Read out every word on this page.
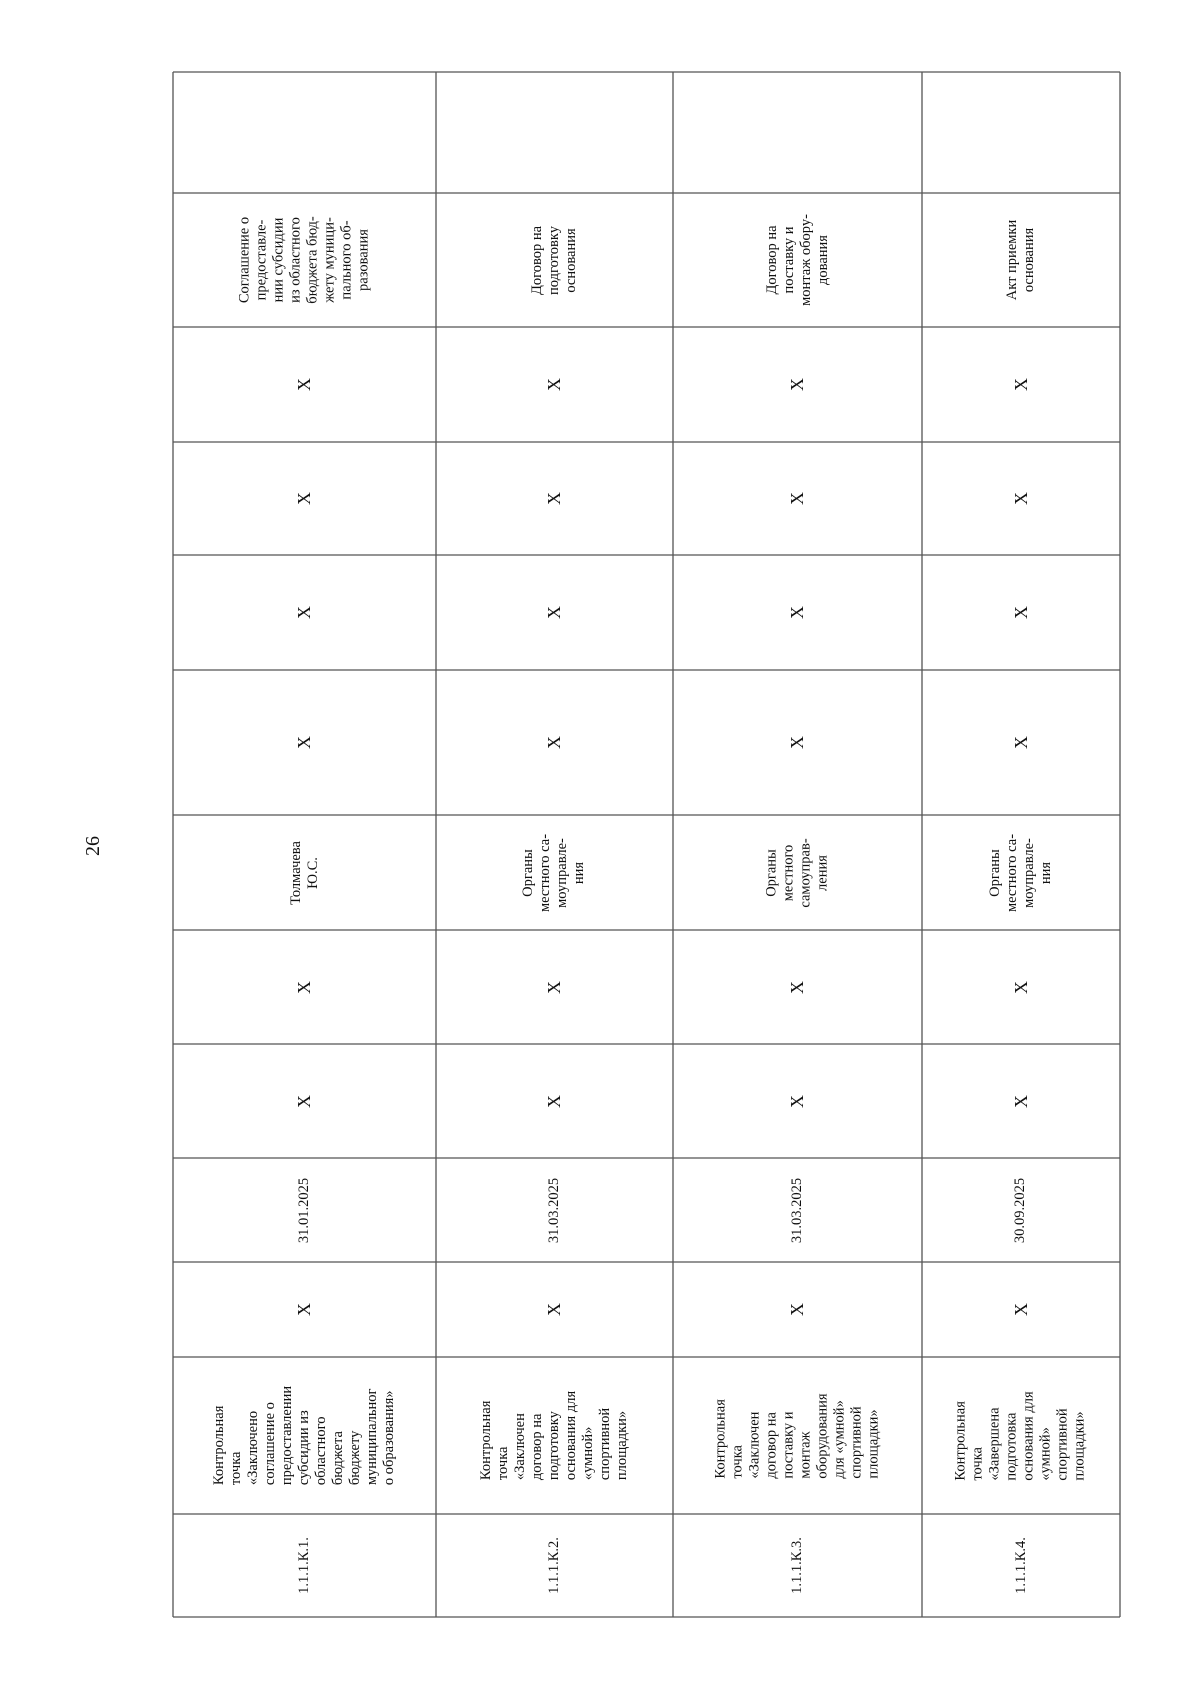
26
Соглашение о
предоставле-
нии субсидии
из областного
бюджета бюд-
жету муници-
пального об-
разования
X
X
X
X
Толмачева
Ю.С.
X
X
31.01.2025
X
Контрольная
точка
«Заключено
соглашение о
предоставлении
субсидии из
областного
бюджета
бюджету
муниципальног
о образования»
1.1.1.К.1.
Договор на
подготовку
основания
X
X
X
X
Органы
местного са-
моуправле-
ния
X
X
31.03.2025
X
Контрольная
точка
«Заключен
договор на
подготовку
основания для
«умной»
спортивной
площадки»
1.1.1.К.2.
Договор на
поставку и
монтаж обору-
дования
X
X
X
X
Органы
местного
самоуправ-
ления
X
X
31.03.2025
X
Контрольная
точка
«Заключен
договор на
поставку и
монтаж
оборудования
для «умной»
спортивной
площадки»
1.1.1.К.3.
Акт приемки
основания
X
X
X
X
Органы
местного са-
моуправле-
ния
X
X
30.09.2025
X
Контрольная
точка
«Завершена
подготовка
основания для
«умной»
спортивной
площадки»
1.1.1.К.4.
